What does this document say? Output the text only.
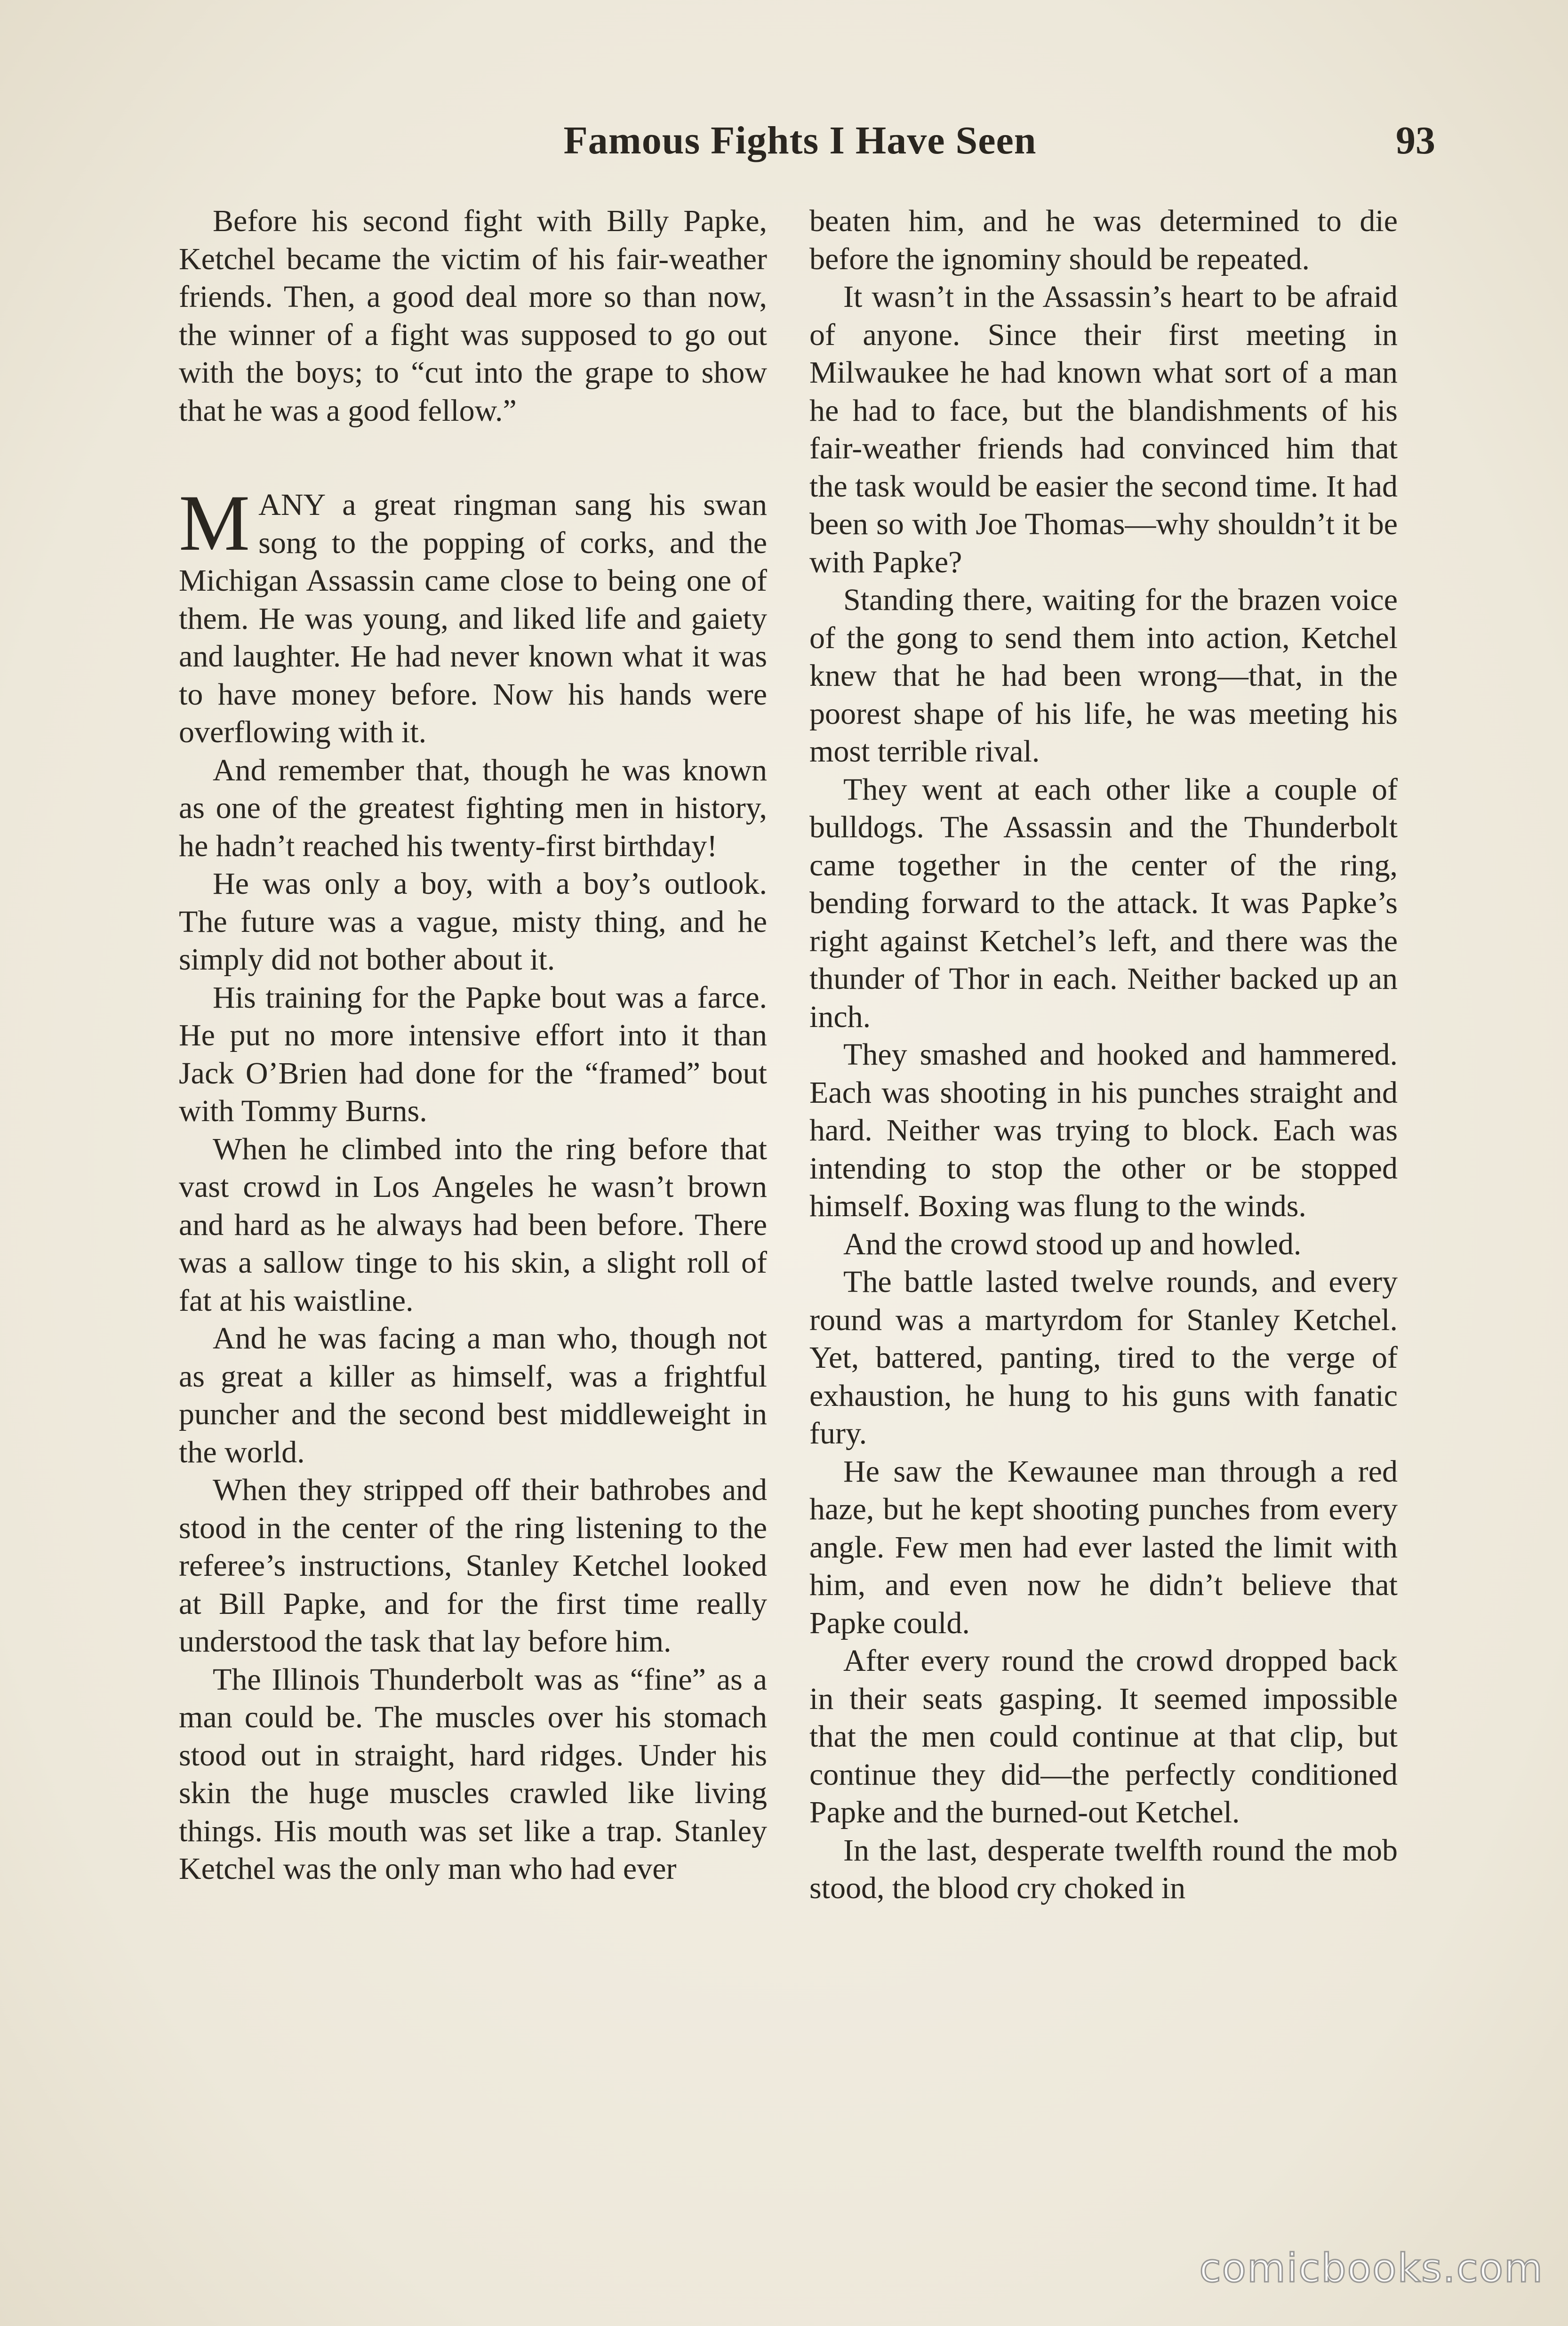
Famous Fights I Have Seen	93

Before his second fight with Billy Papke, Ketchel became the victim of his fair-weather friends. Then, a good deal more so than now, the winner of a fight was supposed to go out with the boys; to “cut into the grape to show that he was a good fellow.”

MANY a great ringman sang his swan song to the popping of corks, and the Michigan Assassin came close to being one of them. He was young, and liked life and gaiety and laughter. He had never known what it was to have money before. Now his hands were overflowing with it.

And remember that, though he was known as one of the greatest fighting men in history, he hadn’t reached his twenty-first birthday!

He was only a boy, with a boy’s outlook. The future was a vague, misty thing, and he simply did not bother about it.

His training for the Papke bout was a farce. He put no more intensive effort into it than Jack O’Brien had done for the “framed” bout with Tommy Burns.

When he climbed into the ring before that vast crowd in Los Angeles he wasn’t brown and hard as he always had been before. There was a sallow tinge to his skin, a slight roll of fat at his waistline.

And he was facing a man who, though not as great a killer as himself, was a frightful puncher and the second best middleweight in the world.

When they stripped off their bathrobes and stood in the center of the ring listening to the referee’s instructions, Stanley Ketchel looked at Bill Papke, and for the first time really understood the task that lay before him.

The Illinois Thunderbolt was as “fine” as a man could be. The muscles over his stomach stood out in straight, hard ridges. Under his skin the huge muscles crawled like living things. His mouth was set like a trap. Stanley Ketchel was the only man who had ever

beaten him, and he was determined to die before the ignominy should be repeated.

It wasn’t in the Assassin’s heart to be afraid of anyone. Since their first meeting in Milwaukee he had known what sort of a man he had to face, but the blandishments of his fair-weather friends had convinced him that the task would be easier the second time. It had been so with Joe Thomas—why shouldn’t it be with Papke?

Standing there, waiting for the brazen voice of the gong to send them into action, Ketchel knew that he had been wrong—that, in the poorest shape of his life, he was meeting his most terrible rival.

They went at each other like a couple of bulldogs. The Assassin and the Thunderbolt came together in the center of the ring, bending forward to the attack. It was Papke’s right against Ketchel’s left, and there was the thunder of Thor in each. Neither backed up an inch.

They smashed and hooked and hammered. Each was shooting in his punches straight and hard. Neither was trying to block. Each was intending to stop the other or be stopped himself. Boxing was flung to the winds.

And the crowd stood up and howled.

The battle lasted twelve rounds, and every round was a martyrdom for Stanley Ketchel. Yet, battered, panting, tired to the verge of exhaustion, he hung to his guns with fanatic fury.

He saw the Kewaunee man through a red haze, but he kept shooting punches from every angle. Few men had ever lasted the limit with him, and even now he didn’t believe that Papke could.

After every round the crowd dropped back in their seats gasping. It seemed impossible that the men could continue at that clip, but continue they did—the perfectly conditioned Papke and the burned-out Ketchel.

In the last, desperate twelfth round the mob stood, the blood cry choked in

comicbooks.com
